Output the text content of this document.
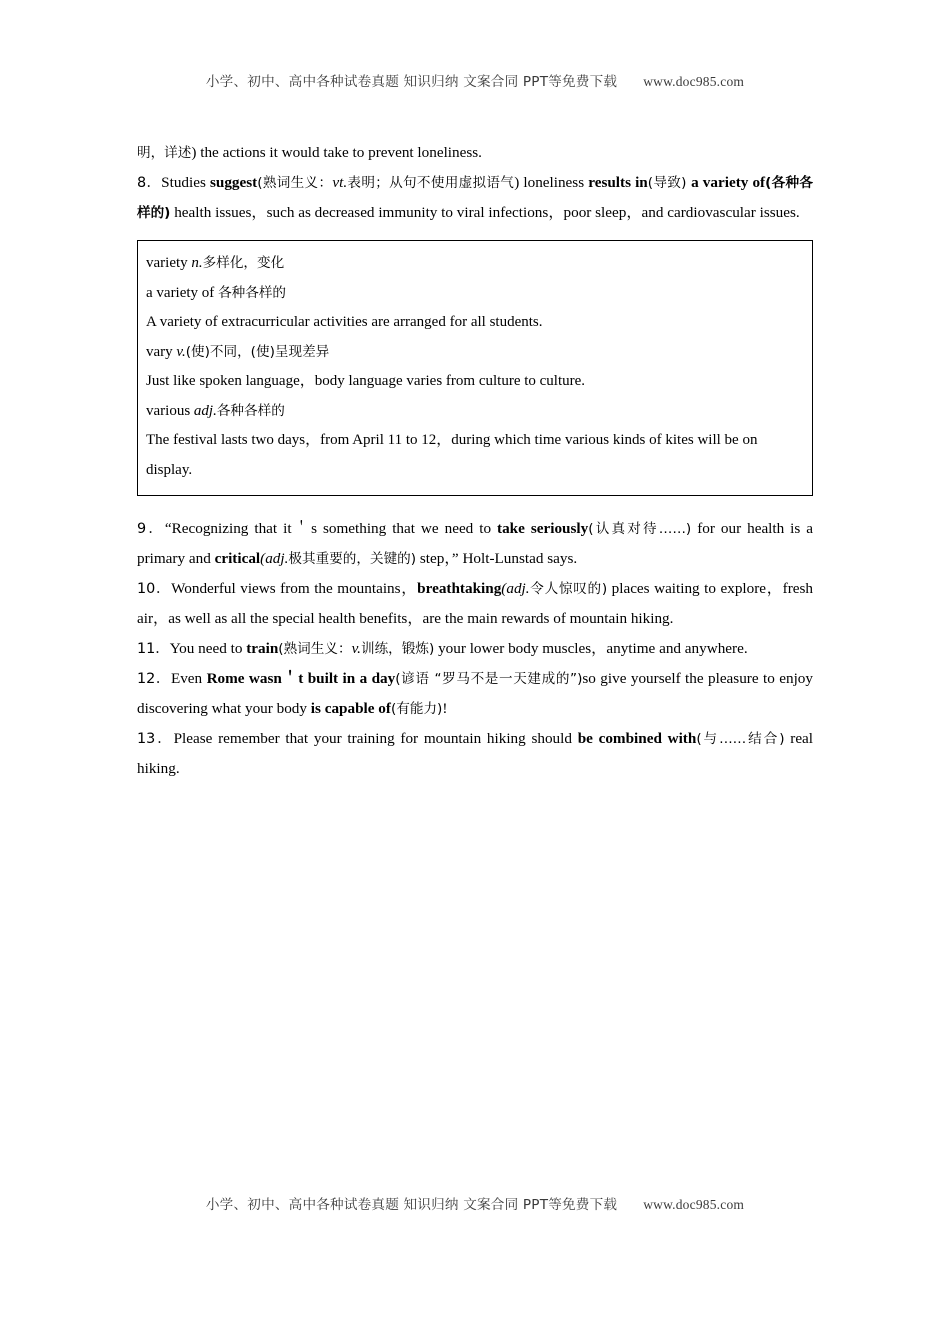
小学、初中、高中各种试卷真题 知识归纳 文案合同 PPT等免费下载 www.doc985.com

明，详述) the actions it would take to prevent loneliness.

8．Studies suggest(熟词生义：vt.表明；从句不使用虚拟语气) loneliness results in(导致) a variety of(各种各样的) health issues，such as decreased immunity to viral infections，poor sleep，and cardiovascular issues.

variety n.多样化，变化

a variety of 各种各样的

A variety of extracurricular activities are arranged for all students.

vary v.(使)不同，(使)呈现差异

Just like spoken language，body language varies from culture to culture.

various adj.各种各样的

The festival lasts two days，from April 11 to 12，during which time various kinds of kites will be on display.

9．“Recognizing that it＇s something that we need to take seriously(认真对待……) for our health is a primary and critical(adj.极其重要的，关键的) step，” Holt-Lunstad says.

10．Wonderful views from the mountains，breathtaking(adj.令人惊叹的) places waiting to explore，fresh air，as well as all the special health benefits，are the main rewards of mountain hiking.

11．You need to train(熟词生义：v.训练，锻炼) your lower body muscles，anytime and anywhere.

12．Even Rome wasn＇t built in a day(谚语 “罗马不是一天建成的”)so give yourself the pleasure to enjoy discovering what your body is capable of(有能力)!

13．Please remember that your training for mountain hiking should be combined with(与……结合) real hiking.

小学、初中、高中各种试卷真题 知识归纳 文案合同 PPT等免费下载 www.doc985.com
